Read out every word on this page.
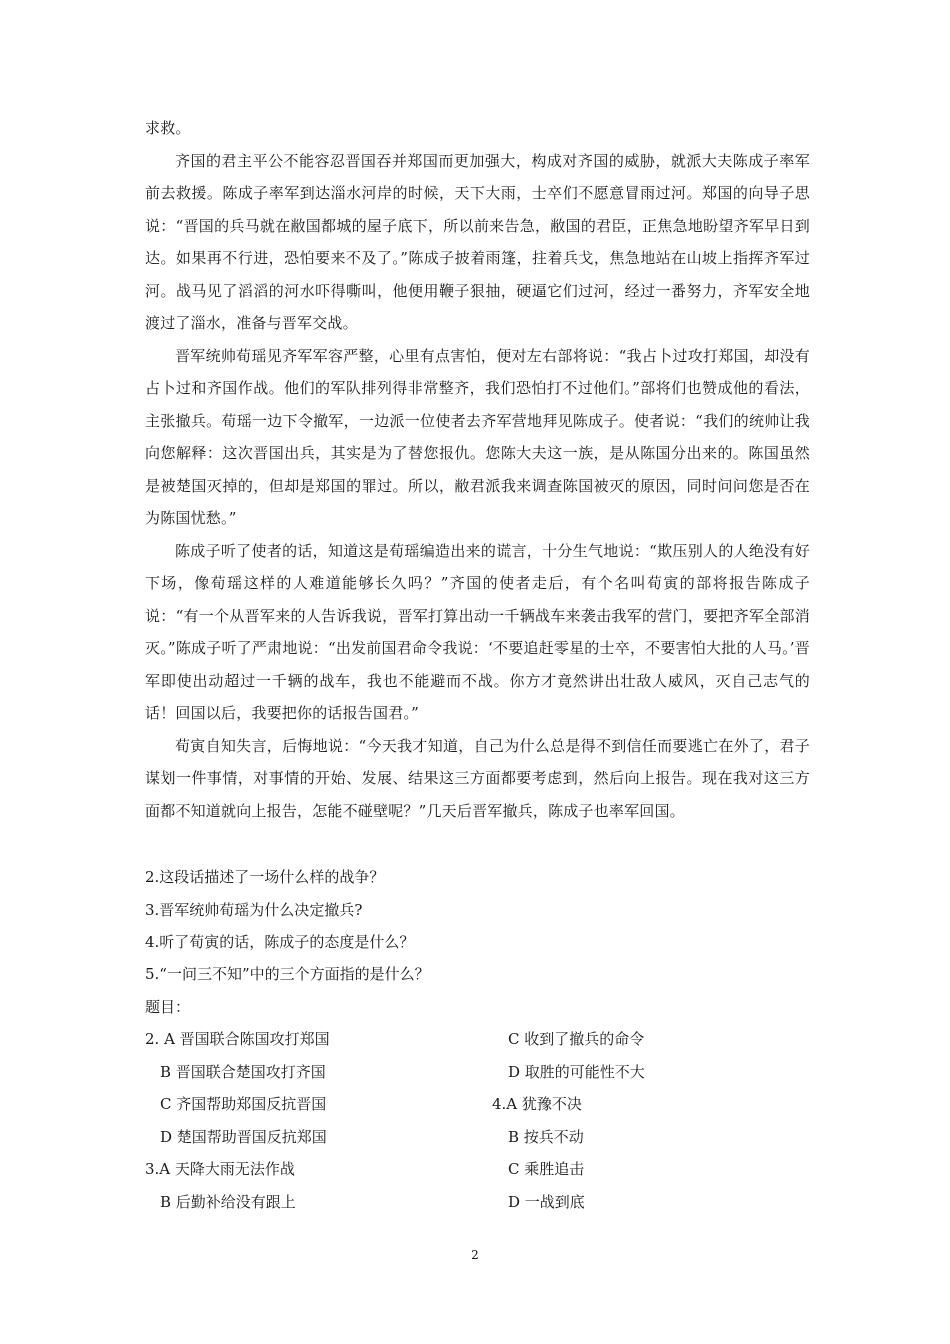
求救。

齐国的君主平公不能容忍晋国吞并郑国而更加强大，构成对齐国的威胁，就派大夫陈成子率军前去救援。陈成子率军到达淄水河岸的时候，天下大雨，士卒们不愿意冒雨过河。郑国的向导子思说：“晋国的兵马就在敝国都城的屋子底下，所以前来告急，敝国的君臣，正焦急地盼望齐军早日到达。如果再不行进，恐怕要来不及了。”陈成子披着雨篷，拄着兵戈，焦急地站在山坡上指挥齐军过河。战马见了滔滔的河水吓得嘶叫，他便用鞭子狠抽，硬逼它们过河，经过一番努力，齐军安全地渡过了淄水，准备与晋军交战。

晋军统帅荀瑶见齐军军容严整，心里有点害怕，便对左右部将说：“我占卜过攻打郑国，却没有占卜过和齐国作战。他们的军队排列得非常整齐，我们恐怕打不过他们。”部将们也赞成他的看法，主张撤兵。荀瑶一边下令撤军，一边派一位使者去齐军营地拜见陈成子。使者说：“我们的统帅让我向您解释：这次晋国出兵，其实是为了替您报仇。您陈大夫这一族，是从陈国分出来的。陈国虽然是被楚国灭掉的，但却是郑国的罪过。所以，敝君派我来调查陈国被灭的原因，同时问问您是否在为陈国忧愁。”

陈成子听了使者的话，知道这是荀瑶编造出来的谎言，十分生气地说：“欺压别人的人绝没有好下场，像荀瑶这样的人难道能够长久吗？”齐国的使者走后，有个名叫荀寅的部将报告陈成子说：“有一个从晋军来的人告诉我说，晋军打算出动一千辆战车来袭击我军的营门，要把齐军全部消灭。”陈成子听了严肃地说：“出发前国君命令我说：‘不要追赶零星的士卒，不要害怕大批的人马。’晋军即使出动超过一千辆的战车，我也不能避而不战。你方才竟然讲出壮敌人威风，灭自己志气的话！回国以后，我要把你的话报告国君。”

荀寅自知失言，后悔地说：“今天我才知道，自己为什么总是得不到信任而要逃亡在外了，君子谋划一件事情，对事情的开始、发展、结果这三方面都要考虑到，然后向上报告。现在我对这三方面都不知道就向上报告，怎能不碰壁呢？”几天后晋军撤兵，陈成子也率军回国。

2.这段话描述了一场什么样的战争？
3.晋军统帅荀瑶为什么决定撤兵?
4.听了荀寅的话，陈成子的态度是什么？
5.“一问三不知”中的三个方面指的是什么？
题目：
2. A 晋国联合陈国攻打郑国
B 晋国联合楚国攻打齐国
C 齐国帮助郑国反抗晋国
D 楚国帮助晋国反抗郑国
3.A 天降大雨无法作战
B 后勤补给没有跟上
C 收到了撤兵的命令
D 取胜的可能性不大
4.A 犹豫不决
B 按兵不动
C 乘胜追击
D 一战到底
2
